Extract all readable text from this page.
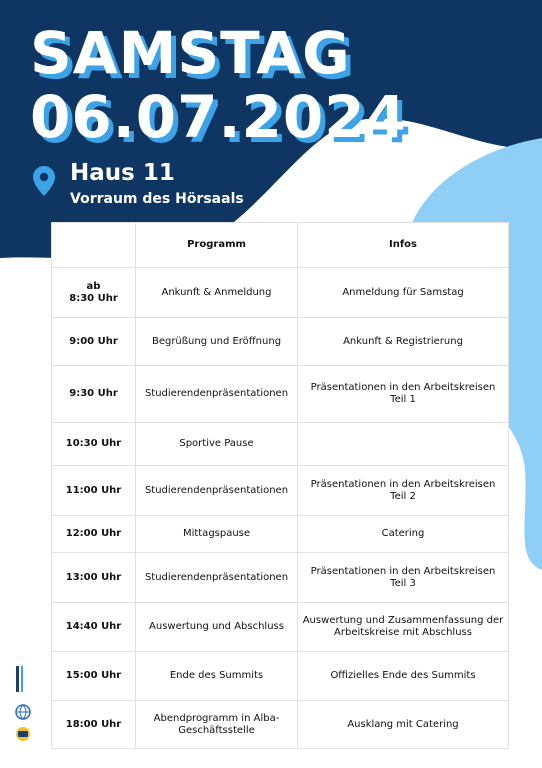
SAMSTAG
06.07.2024
Haus 11
Vorraum des Hörsaals
	Programm	Infos
ab
8:30 Uhr	Ankunft & Anmeldung	Anmeldung für Samstag
9:00 Uhr	Begrüßung und Eröffnung	Ankunft & Registrierung
9:30 Uhr	Studierendenpräsentationen	Präsentationen in den Arbeitskreisen
Teil 1
10:30 Uhr	Sportive Pause	
11:00 Uhr	Studierendenpräsentationen	Präsentationen in den Arbeitskreisen
Teil 2
12:00 Uhr	Mittagspause	Catering
13:00 Uhr	Studierendenpräsentationen	Präsentationen in den Arbeitskreisen
Teil 3
14:40 Uhr	Auswertung und Abschluss	Auswertung und Zusammenfassung der
Arbeitskreise mit Abschluss
15:00 Uhr	Ende des Summits	Offizielles Ende des Summits
18:00 Uhr	Abendprogramm in Alba-
Geschäftsstelle	Ausklang mit Catering
